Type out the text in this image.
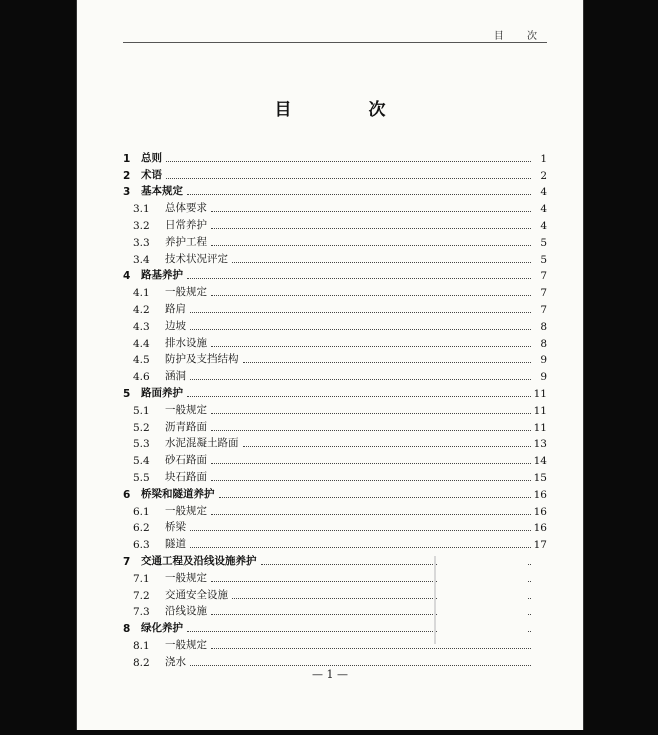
目 次
目　次
1	总则	1
2	术语	2
3	基本规定	4
3.1	总体要求	4
3.2	日常养护	4
3.3	养护工程	5
3.4	技术状况评定	5
4	路基养护	7
4.1	一般规定	7
4.2	路肩	7
4.3	边坡	8
4.4	排水设施	8
4.5	防护及支挡结构	9
4.6	涵洞	9
5	路面养护	11
5.1	一般规定	11
5.2	沥青路面	11
5.3	水泥混凝土路面	13
5.4	砂石路面	14
5.5	块石路面	15
6	桥梁和隧道养护	16
6.1	一般规定	16
6.2	桥梁	16
6.3	隧道	17
7	交通工程及沿线设施养护
7.1	一般规定
7.2	交通安全设施
7.3	沿线设施
8	绿化养护
8.1	一般规定
8.2	浇水
— 1 —
